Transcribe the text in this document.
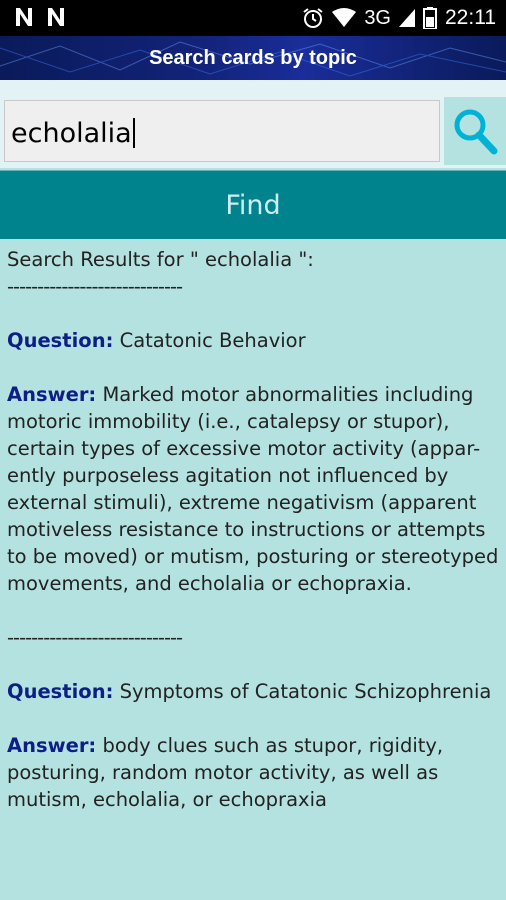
3G	22:11
Search cards by topic
echolalia
Find

Search Results for " echolalia ":

-----------------------------

Question: Catatonic Behavior

Answer: Marked motor abnormalities including motoric immobility (i.e., catalepsy or stupor), certain types of excessive motor activity (appar-ently purposeless agitation not influenced by external stimuli), extreme negativism (apparent motiveless resistance to instructions or attempts to be moved) or mutism, posturing or stereotyped movements, and echolalia or echopraxia.

-----------------------------

Question: Symptoms of Catatonic Schizophrenia

Answer: body clues such as stupor, rigidity, posturing, random motor activity, as well as mutism, echolalia, or echopraxia
